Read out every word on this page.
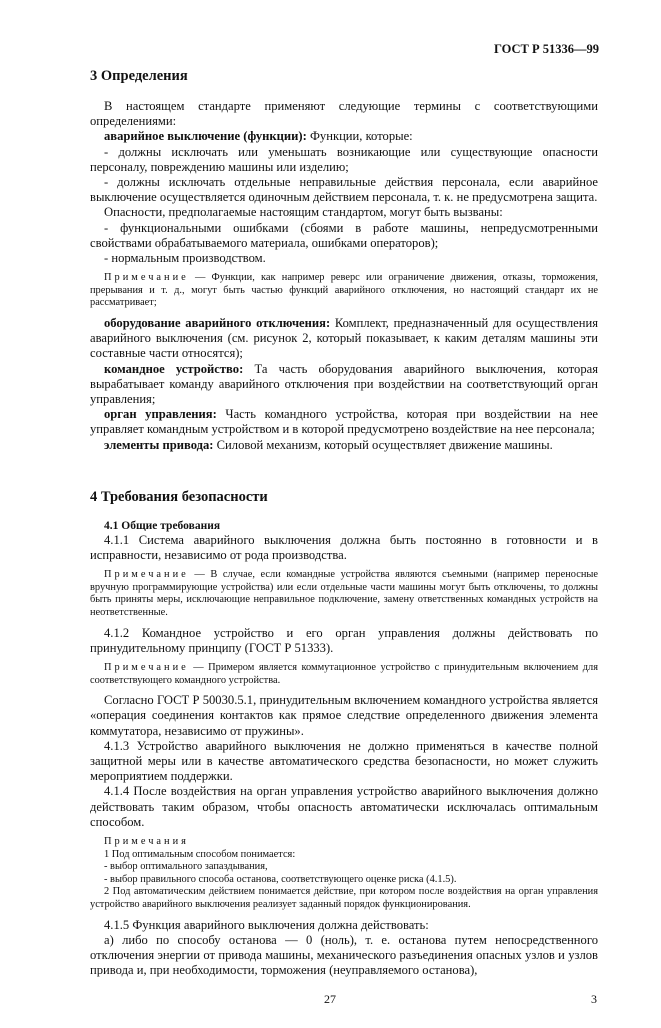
ГОСТ Р 51336—99
3 Определения

В настоящем стандарте применяют следующие термины с соответствующими определениями:

аварийное выключение (функции): Функции, которые:

- должны исключать или уменьшать возникающие или существующие опасности персоналу, повреждению машины или изделию;

- должны исключать отдельные неправильные действия персонала, если аварийное выключение осуществляется одиночным действием персонала, т. к. не предусмотрена защита.

Опасности, предполагаемые настоящим стандартом, могут быть вызваны:

- функциональными ошибками (сбоями в работе машины, непредусмотренными свойствами обрабатываемого материала, ошибками операторов);

- нормальным производством.

Примечание — Функции, как например реверс или ограничение движения, отказы, торможения, прерывания и т. д., могут быть частью функций аварийного отключения, но настоящий стандарт их не рассматривает;

оборудование аварийного отключения: Комплект, предназначенный для осуществления аварийного выключения (см. рисунок 2, который показывает, к каким деталям машины эти составные части относятся);

командное устройство: Та часть оборудования аварийного выключения, которая вырабатывает команду аварийного отключения при воздействии на соответствующий орган управления;

орган управления: Часть командного устройства, которая при воздействии на нее управляет командным устройством и в которой предусмотрено воздействие на нее персонала;

элементы привода: Силовой механизм, который осуществляет движение машины.

4 Требования безопасности
4.1 Общие требования

4.1.1 Система аварийного выключения должна быть постоянно в готовности и в исправности, независимо от рода производства.

Примечание — В случае, если командные устройства являются съемными (например переносные вручную программирующие устройства) или если отдельные части машины могут быть отключены, то должны быть приняты меры, исключающие неправильное подключение, замену ответственных командных устройств на неответственные.

4.1.2 Командное устройство и его орган управления должны действовать по принудительному принципу (ГОСТ Р 51333).

Примечание — Примером является коммутационное устройство с принудительным включением для соответствующего командного устройства.

Согласно ГОСТ Р 50030.5.1, принудительным включением командного устройства является «операция соединения контактов как прямое следствие определенного движения элемента коммутатора, независимо от пружины».

4.1.3 Устройство аварийного выключения не должно применяться в качестве полной защитной меры или в качестве автоматического средства безопасности, но может служить мероприятием поддержки.

4.1.4 После воздействия на орган управления устройство аварийного выключения должно действовать таким образом, чтобы опасность автоматически исключалась оптимальным способом.

Примечания

1 Под оптимальным способом понимается:

- выбор оптимального запаздывания,

- выбор правильного способа останова, соответствующего оценке риска (4.1.5).

2 Под автоматическим действием понимается действие, при котором после воздействия на орган управления устройство аварийного выключения реализует заданный порядок функционирования.

4.1.5 Функция аварийного выключения должна действовать:

а) либо по способу останова — 0 (ноль), т. е. останова путем непосредственного отключения энергии от привода машины, механического разъединения опасных узлов и узлов привода и, при необходимости, торможения (неуправляемого останова),

27	3
